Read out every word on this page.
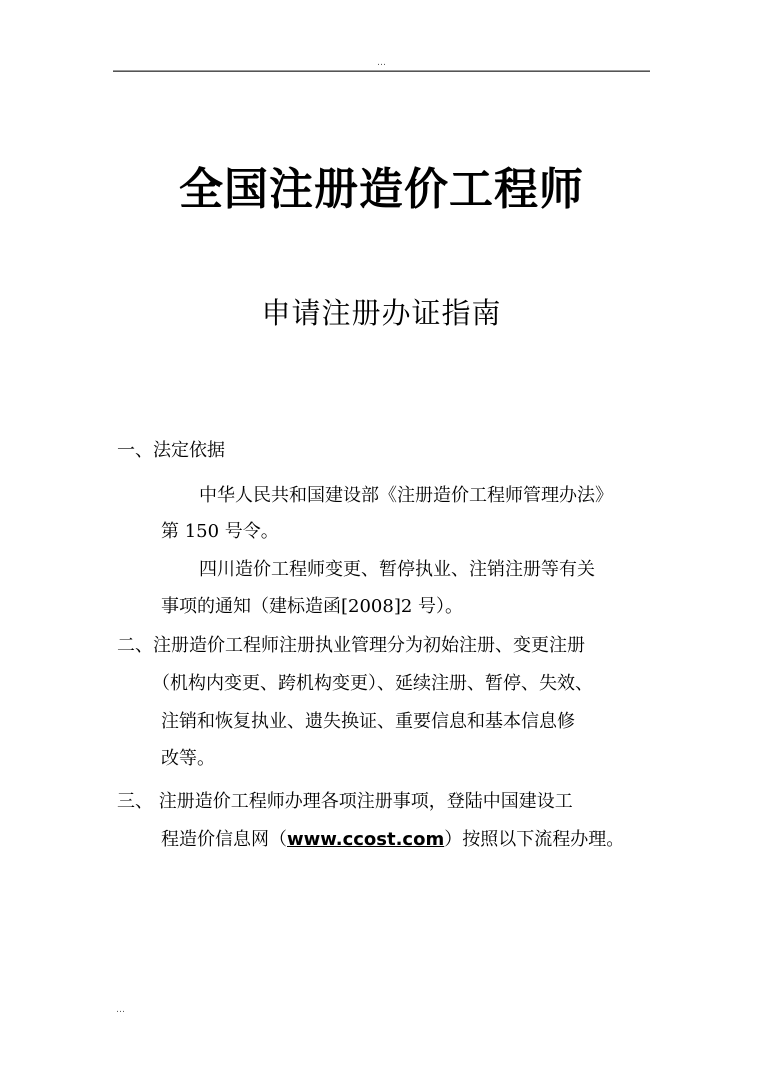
…
全国注册造价工程师
申请注册办证指南
一、法定依据
中华人民共和国建设部《注册造价工程师管理办法》
第 150 号令。
四川造价工程师变更、暂停执业、注销注册等有关
事项的通知（建标造函[2008]2 号）。
二、注册造价工程师注册执业管理分为初始注册、变更注册
（机构内变更、跨机构变更）、延续注册、暂停、失效、
注销和恢复执业、遗失换证、重要信息和基本信息修
改等。
三、 注册造价工程师办理各项注册事项，登陆中国建设工
程造价信息网（www.ccost.com）按照以下流程办理。
…
